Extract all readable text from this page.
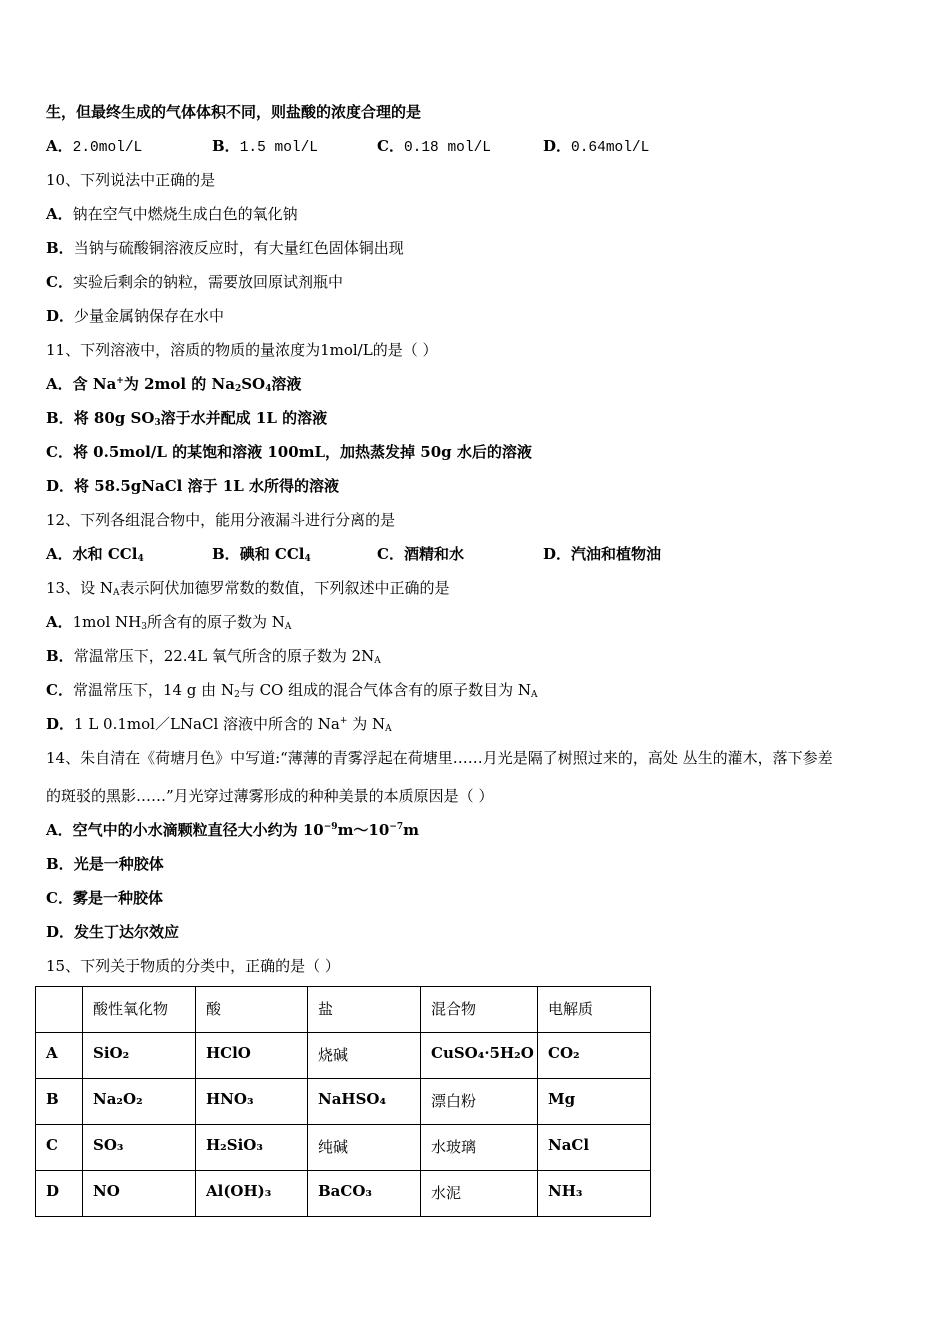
生，但最终生成的气体体积不同，则盐酸的浓度合理的是
A．2.0mol/L	B．1.5 mol/L	C．0.18 mol/L	D．0.64mol/L
10、下列说法中正确的是
A．钠在空气中燃烧生成白色的氧化钠
B．当钠与硫酸铜溶液反应时，有大量红色固体铜出现
C．实验后剩余的钠粒，需要放回原试剂瓶中
D．少量金属钠保存在水中
11、下列溶液中，溶质的物质的量浓度为1mol/L的是（ ）
A．含 Na+为 2mol 的 $Na_2SO_4$溶液
B．将 80g $SO_3$溶于水并配成 1L 的溶液
C．将 0.5mol/L 的某饱和溶液 100mL，加热蒸发掉 50g 水后的溶液
D．将 58.5gNaCl 溶于 1L 水所得的溶液
12、下列各组混合物中，能用分液漏斗进行分离的是
A．水和 CCl$_4$	B．碘和 CCl$_4$	C．酒精和水	D．汽油和植物油
13、设 $N_A$表示阿伏加德罗常数的数值，下列叙述中正确的是
A．1mol $NH_3$所含有的原子数为 $N_A$
B．常温常压下，22.4L 氧气所含的原子数为 $2N_A$
C．常温常压下，14 g 由 $N_2$与 CO 组成的混合气体含有的原子数目为 $N_A$
D．1 L 0.1mol／LNaCl 溶液中所含的 Na+ 为 $N_A$
14、朱自清在《荷塘月色》中写道:“薄薄的青雾浮起在荷塘里……月光是隔了树照过来的，高处 丛生的灌木，落下参差
的斑驳的黑影……”月光穿过薄雾形成的种种美景的本质原因是（ ）
A．空气中的小水滴颗粒直径大小约为 $10^{-9}m\sim 10^{-7}m$
B．光是一种胶体
C．雾是一种胶体
D．发生丁达尔效应
15、下列关于物质的分类中，正确的是（ ）
	酸性氧化物	酸	盐	混合物	电解质
A	SiO₂	HClO	烧碱	CuSO₄·5H₂O	CO₂
B	Na₂O₂	HNO₃	NaHSO₄	漂白粉	Mg
C	SO₃	H₂SiO₃	纯碱	水玻璃	NaCl
D	NO	Al(OH)₃	BaCO₃	水泥	NH₃
